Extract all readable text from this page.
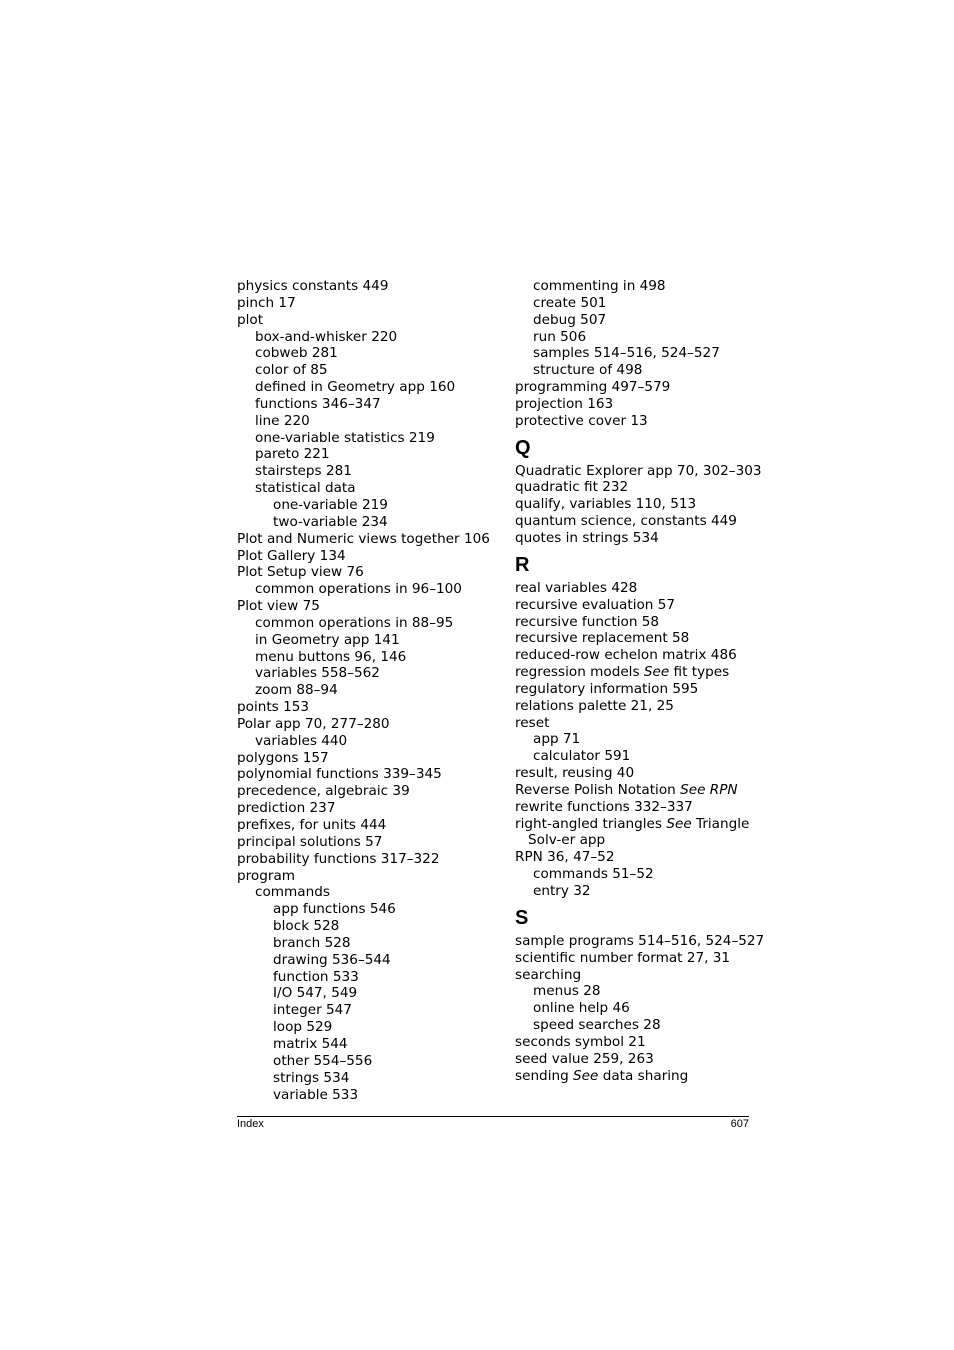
physics constants 449
pinch 17
plot
box-and-whisker 220
cobweb 281
color of 85
defined in Geometry app 160
functions 346–347
line 220
one-variable statistics 219
pareto 221
stairsteps 281
statistical data
one-variable 219
two-variable 234
Plot and Numeric views together 106
Plot Gallery 134
Plot Setup view 76
common operations in 96–100
Plot view 75
common operations in 88–95
in Geometry app 141
menu buttons 96, 146
variables 558–562
zoom 88–94
points 153
Polar app 70, 277–280
variables 440
polygons 157
polynomial functions 339–345
precedence, algebraic 39
prediction 237
prefixes, for units 444
principal solutions 57
probability functions 317–322
program
commands
app functions 546
block 528
branch 528
drawing 536–544
function 533
I/O 547, 549
integer 547
loop 529
matrix 544
other 554–556
strings 534
variable 533
commenting in 498
create 501
debug 507
run 506
samples 514–516, 524–527
structure of 498
programming 497–579
projection 163
protective cover 13
Q
Quadratic Explorer app 70, 302–303
quadratic fit 232
qualify, variables 110, 513
quantum science, constants 449
quotes in strings 534
R
real variables 428
recursive evaluation 57
recursive function 58
recursive replacement 58
reduced-row echelon matrix 486
regression models See fit types
regulatory information 595
relations palette 21, 25
reset
app 71
calculator 591
result, reusing 40
Reverse Polish Notation See RPN
rewrite functions 332–337
right-angled triangles See Triangle Solv-er app
RPN 36, 47–52
commands 51–52
entry 32
S
sample programs 514–516, 524–527
scientific number format 27, 31
searching
menus 28
online help 46
speed searches 28
seconds symbol 21
seed value 259, 263
sending See data sharing
Index	607
